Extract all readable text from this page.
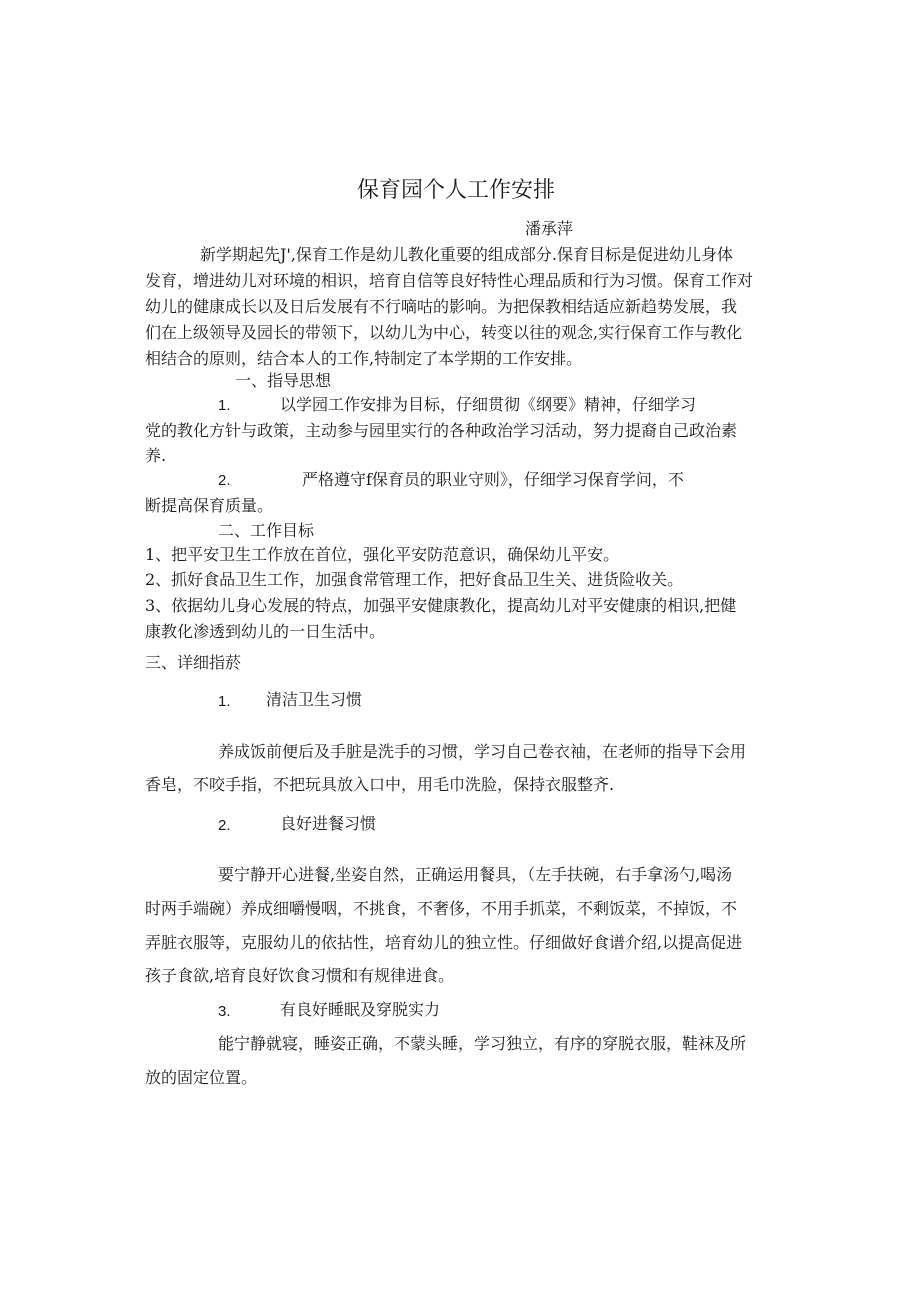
保育园个人工作安排
潘承萍
新学期起先J',保育工作是幼儿教化重要的组成部分.保育目标是促进幼儿身体
发育，增进幼儿对环境的相识，培育自信等良好特性心理品质和行为习惯。保育工作对
幼儿的健康成长以及日后发展有不行嘀咕的影响。为把保教相结适应新趋势发展，我
们在上级领导及园长的带领下，以幼儿为中心，转变以往的观念,实行保育工作与教化
相结合的原则，结合本人的工作,特制定了本学期的工作安排。
一、指导思想
1.	以学园工作安排为目标，仔细贯彻《纲要》精神，仔细学习
党的教化方针与政策，主动参与园里实行的各种政治学习活动，努力提裔自己政治素
养.
2.	严格遵守f保育员的职业守则》，仔细学习保育学问，不
断提高保育质量。
二、工作目标
1、把平安卫生工作放在首位，强化平安防范意识，确保幼儿平安。
2、抓好食品卫生工作，加强食常管理工作，把好食品卫生关、进货险收关。
3、依据幼儿身心发展的特点，加强平安健康教化，提高幼儿对平安健康的相识,把健
康教化渗透到幼儿的一日生活中。
三、详细指菸
1. 清洁卫生习惯
养成饭前便后及手脏是洗手的习惯，学习自己卷衣袖，在老师的指导下会用
香皂，不咬手指，不把玩具放入口中，用毛巾洗脸，保持衣服整齐.
2.	良好进餐习惯
要宁静开心进餐,坐姿自然，正确运用餐具，（左手扶碗，右手拿汤勺,喝汤
时两手端碗）养成细嚼慢咽，不挑食，不奢侈，不用手抓菜，不剩饭菜，不掉饭，不
弄脏衣服等，克服幼儿的依拈性，培育幼儿的独立性。仔细做好食谱介绍,以提高促进
孩子食欲,培育良好饮食习惯和有规律进食。
3.	有良好睡眠及穿脱实力
能宁静就寝，睡姿正确，不蒙头睡，学习独立，有序的穿脱衣服，鞋袜及所
放的固定位置。
